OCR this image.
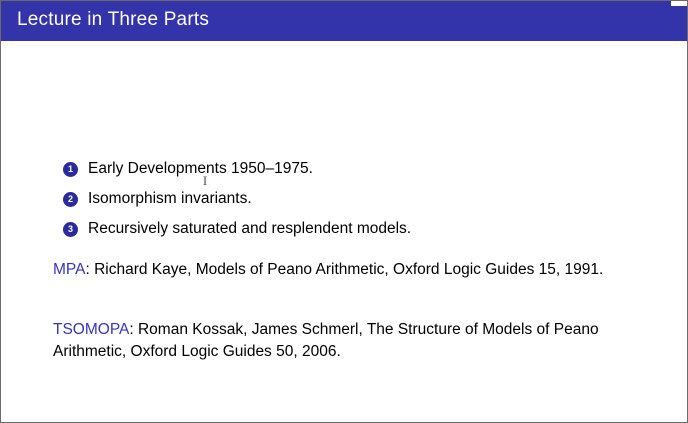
Lecture in Three Parts
I
1 Early Developments 1950–1975.
2 Isomorphism invariants.
3 Recursively saturated and resplendent models.
MPA: Richard Kaye, Models of Peano Arithmetic, Oxford Logic Guides 15, 1991.
TSOMOPA: Roman Kossak, James Schmerl, The Structure of Models of Peano Arithmetic, Oxford Logic Guides 50, 2006.
